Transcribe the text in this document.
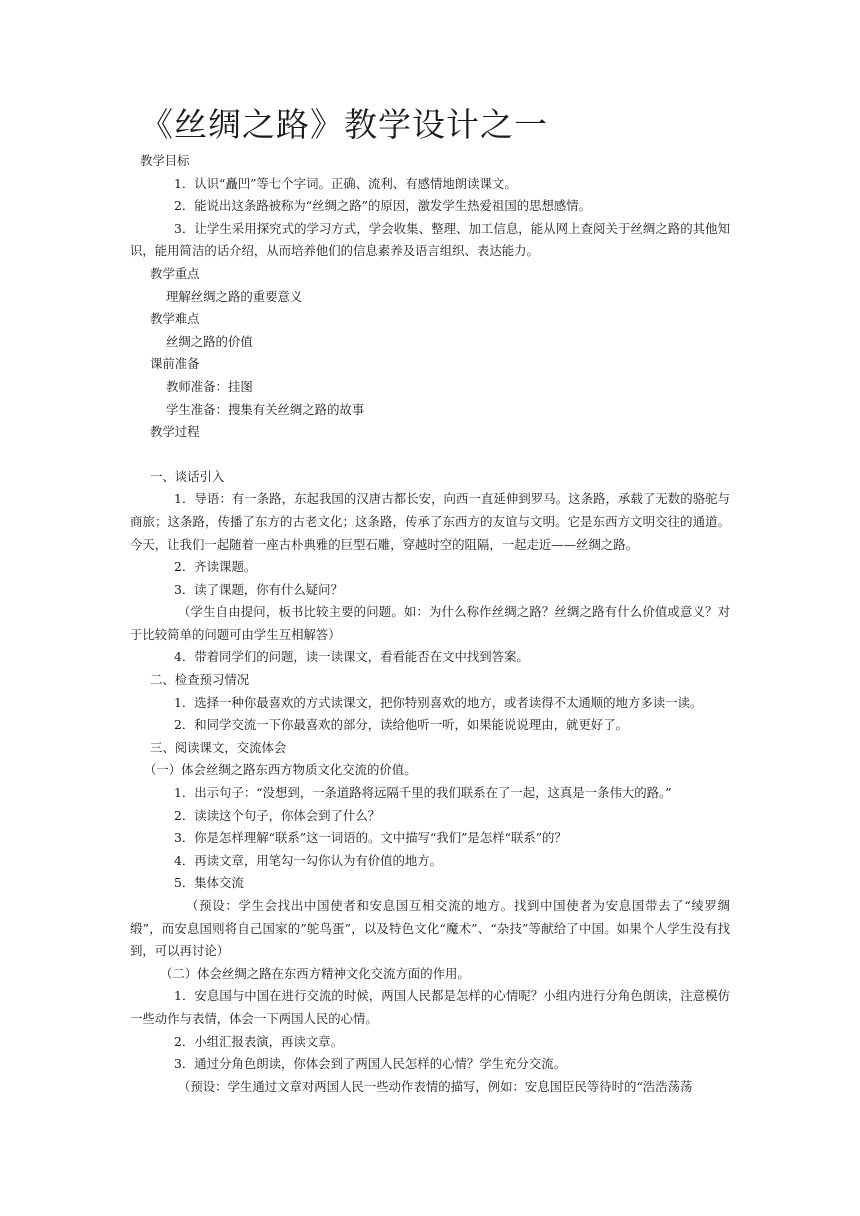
《丝绸之路》教学设计之一

教学目标

1．认识“矗凹”等七个字词。正确、流利、有感情地朗读课文。

2．能说出这条路被称为“丝绸之路”的原因，激发学生热爱祖国的思想感情。

3．让学生采用探究式的学习方式，学会收集、整理、加工信息，能从网上查阅关于丝绸之路的其他知识，能用简洁的话介绍，从而培养他们的信息素养及语言组织、表达能力。

教学重点

理解丝绸之路的重要意义

教学难点

丝绸之路的价值

课前准备

教师准备：挂图

学生准备：搜集有关丝绸之路的故事

教学过程

一、谈话引入

1．导语：有一条路，东起我国的汉唐古都长安，向西一直延伸到罗马。这条路，承载了无数的骆驼与商旅；这条路，传播了东方的古老文化；这条路，传承了东西方的友谊与文明。它是东西方文明交往的通道。今天，让我们一起随着一座古朴典雅的巨型石雕，穿越时空的阻隔，一起走近——丝绸之路。

2．齐读课题。

3．读了课题，你有什么疑问？

（学生自由提问，板书比较主要的问题。如：为什么称作丝绸之路？丝绸之路有什么价值或意义？对于比较简单的问题可由学生互相解答）

4．带着同学们的问题，读一读课文，看看能否在文中找到答案。

二、检查预习情况

1．选择一种你最喜欢的方式读课文，把你特别喜欢的地方，或者读得不太通顺的地方多读一读。

2．和同学交流一下你最喜欢的部分，读给他听一听，如果能说说理由，就更好了。

三、阅读课文，交流体会

（一）体会丝绸之路东西方物质文化交流的价值。

1．出示句子：“没想到，一条道路将远隔千里的我们联系在了一起，这真是一条伟大的路。”

2．读读这个句子，你体会到了什么？

3．你是怎样理解“联系”这一词语的。文中描写“我们”是怎样“联系”的？

4．再读文章，用笔勾一勾你认为有价值的地方。

5．集体交流

（预设：学生会找出中国使者和安息国互相交流的地方。找到中国使者为安息国带去了“绫罗绸缎”，而安息国则将自己国家的”鸵鸟蛋”，以及特色文化“魔术”、“杂技”等献给了中国。如果个人学生没有找到，可以再讨论）

（二）体会丝绸之路在东西方精神文化交流方面的作用。

1．安息国与中国在进行交流的时候，两国人民都是怎样的心情呢？小组内进行分角色朗读，注意模仿一些动作与表情，体会一下两国人民的心情。

2．小组汇报表演，再读文章。

3．通过分角色朗读，你体会到了两国人民怎样的心情？学生充分交流。

（预设：学生通过文章对两国人民一些动作表情的描写，例如：安息国臣民等待时的“浩浩荡荡
